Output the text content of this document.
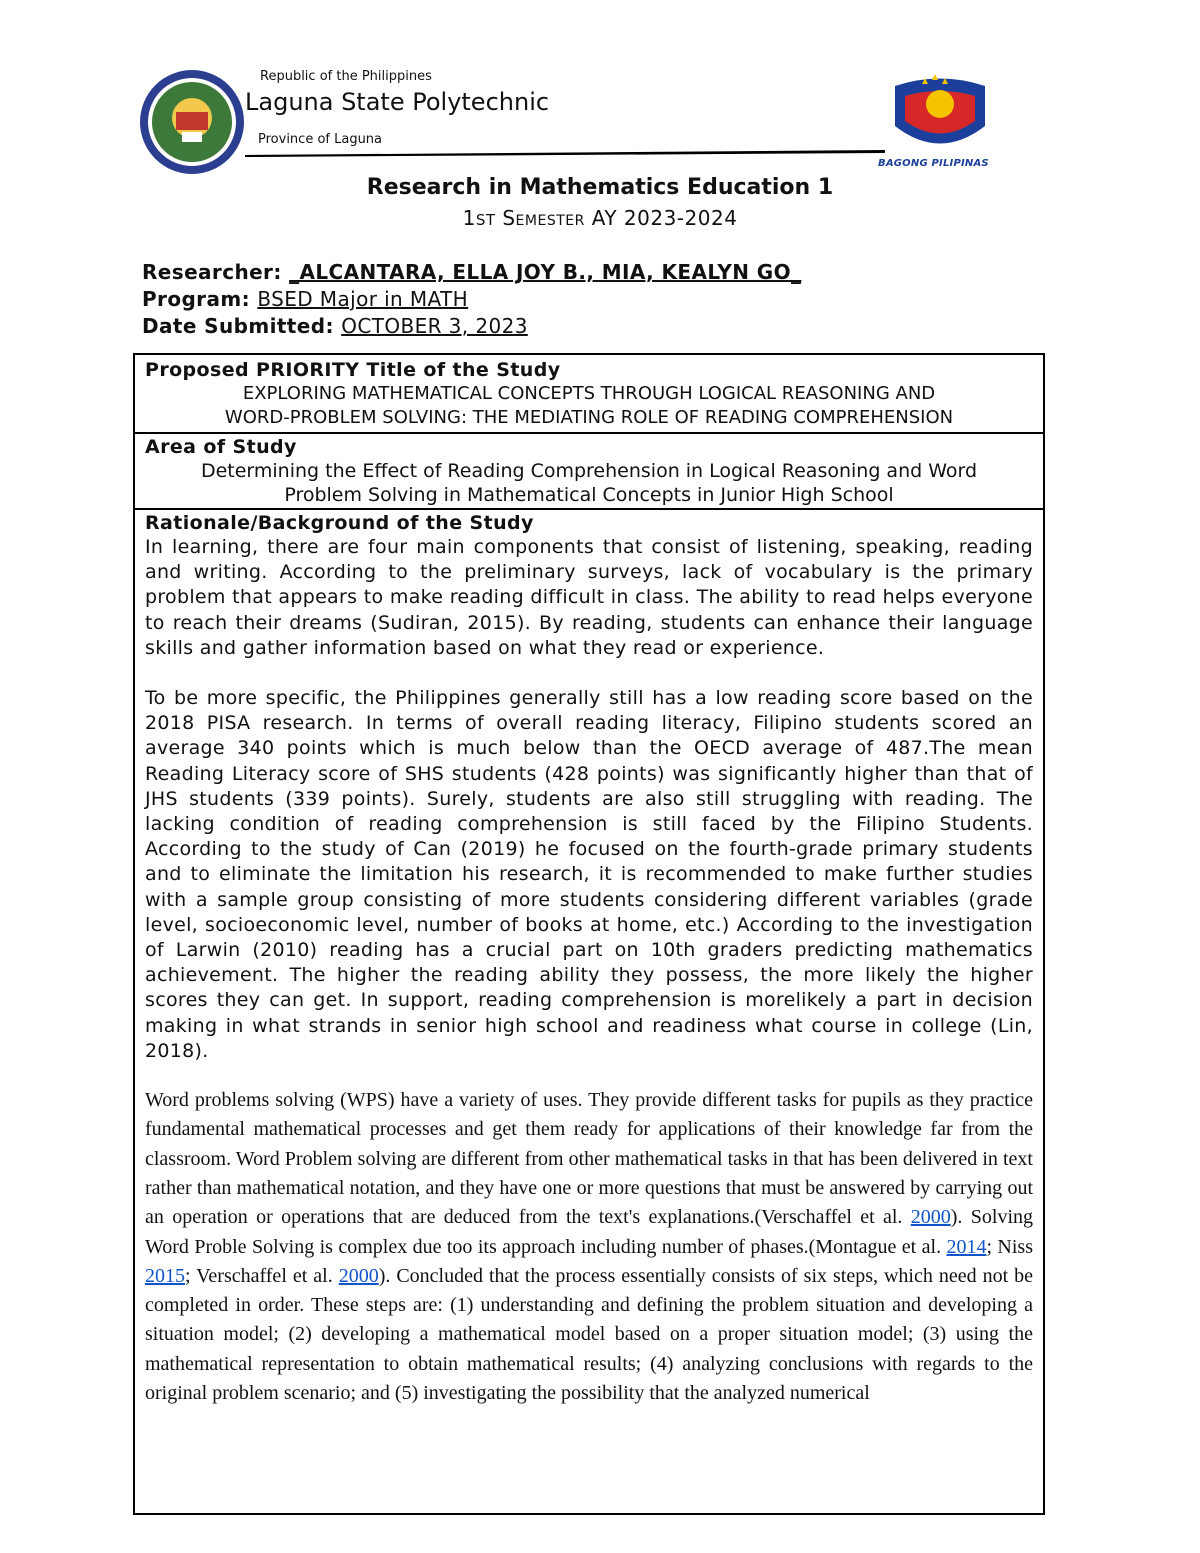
Republic of the Philippines
Laguna State Polytechnic
Province of Laguna
BAGONG PILIPINAS
Research in Mathematics Education 1
1ST Semester AY 2023-2024
Researcher: _ALCANTARA, ELLA JOY B., MIA, KEALYN GO_
Program: BSED Major in MATH
Date Submitted: OCTOBER 3, 2023
Proposed PRIORITY Title of the Study
EXPLORING MATHEMATICAL CONCEPTS THROUGH LOGICAL REASONING AND
WORD-PROBLEM SOLVING: THE MEDIATING ROLE OF READING COMPREHENSION
Area of Study
Determining the Effect of Reading Comprehension in Logical Reasoning and Word
Problem Solving in Mathematical Concepts in Junior High School
Rationale/Background of the Study

In learning, there are four main components that consist of listening, speaking, reading and writing. According to the preliminary surveys, lack of vocabulary is the primary problem that appears to make reading difficult in class. The ability to read helps everyone to reach their dreams (Sudiran, 2015). By reading, students can enhance their language skills and gather information based on what they read or experience.

To be more specific, the Philippines generally still has a low reading score based on the 2018 PISA research. In terms of overall reading literacy, Filipino students scored an average 340 points which is much below than the OECD average of 487.The mean Reading Literacy score of SHS students (428 points) was significantly higher than that of JHS students (339 points). Surely, students are also still struggling with reading. The lacking condition of reading comprehension is still faced by the Filipino Students. According to the study of Can (2019) he focused on the fourth-grade primary students and to eliminate the limitation his research, it is recommended to make further studies with a sample group consisting of more students considering different variables (grade level, socioeconomic level, number of books at home, etc.) According to the investigation of Larwin (2010) reading has a crucial part on 10th graders predicting mathematics achievement. The higher the reading ability they possess, the more likely the higher scores they can get. In support, reading comprehension is morelikely a part in decision making in what strands in senior high school and readiness what course in college (Lin, 2018).

Word problems solving (WPS) have a variety of uses. They provide different tasks for pupils as they practice fundamental mathematical processes and get them ready for applications of their knowledge far from the classroom. Word Problem solving are different from other mathematical tasks in that has been delivered in text rather than mathematical notation, and they have one or more questions that must be answered by carrying out an operation or operations that are deduced from the text's explanations.(Verschaffel et al. 2000). Solving Word Proble Solving is complex due too its approach including number of phases.(Montague et al. 2014; Niss 2015; Verschaffel et al. 2000). Concluded that the process essentially consists of six steps, which need not be completed in order. These steps are: (1) understanding and defining the problem situation and developing a situation model; (2) developing a mathematical model based on a proper situation model; (3) using the mathematical representation to obtain mathematical results; (4) analyzing conclusions with regards to the original problem scenario; and (5) investigating the possibility that the analyzed numerical
